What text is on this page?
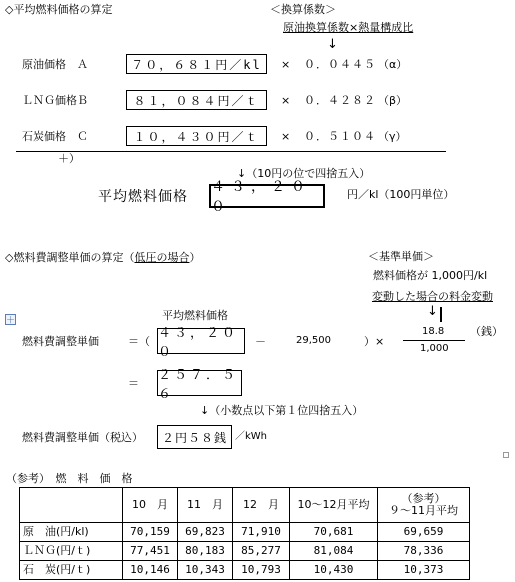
◇平均燃料価格の算定	＜換算係数＞
原油換算係数×熱量構成比
↓
原油価格　Ａ	７０，６８１円／kl	× ０．０４４５ （α）
ＬＮＧ価格Ｂ	８１，０８４円／ｔ	× ０．４２８２ （β）
石炭価格　Ｃ	１０，４３０円／ｔ	× ０．５１０４ （γ）
＋）
↓（10円の位で四捨五入）
平均燃料価格
４３，２００
円／kl（100円単位）
◇燃料費調整単価の算定（低圧の場合）	＜基準単価＞
燃料価格が 1,000円/kl
変動した場合の料金変動
↓
＋	平均燃料価格
燃料費調整単価	＝（
４３，２００
－	29,500	）×
18.8
1,000
（銭）
＝
２５７．５６
↓（小数点以下第１位四捨五入）
燃料費調整単価（税込）	２円５８銭 ／kWh
（参考）　燃　料　価　格
	10　月	11　月	12　月	10～12月平均	（参考）
９～11月平均
原　油(円/kl)	70,159	69,823	71,910	70,681	69,659
ＬＮＧ(円/ｔ)	77,451	80,183	85,277	81,084	78,336
石　炭(円/ｔ)	10,146	10,343	10,793	10,430	10,373
